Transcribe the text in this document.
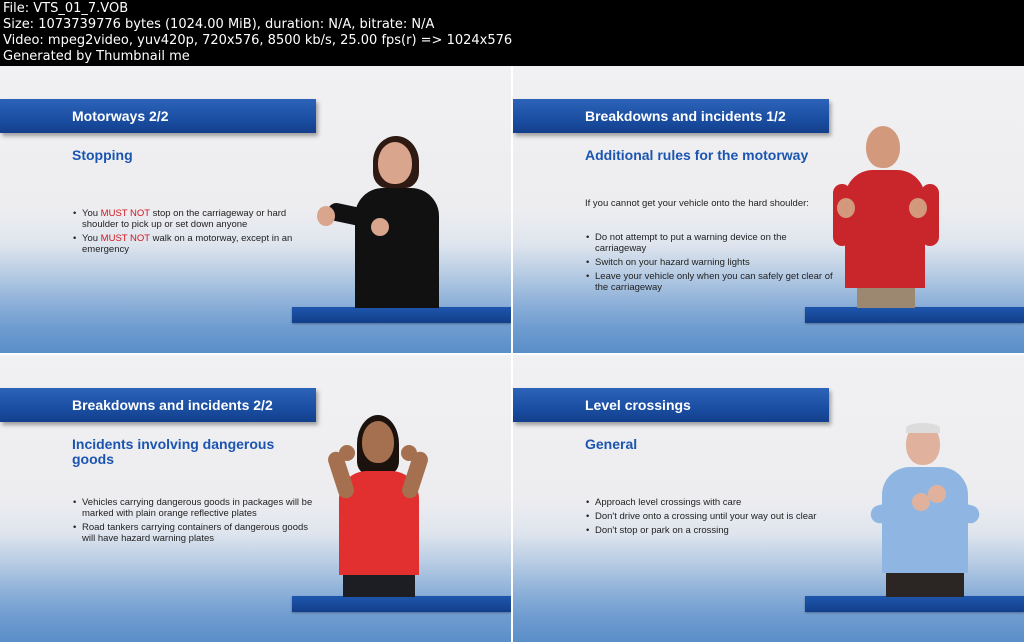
File: VTS_01_7.VOB
Size: 1073739776 bytes (1024.00 MiB), duration: N/A, bitrate: N/A
Video: mpeg2video, yuv420p, 720x576, 8500 kb/s, 25.00 fps(r) => 1024x576
Generated by Thumbnail me
Motorways 2/2
Stopping
• You MUST NOT stop on the carriageway or hard shoulder to pick up or set down anyone
• You MUST NOT walk on a motorway, except in an emergency
Breakdowns and incidents 1/2
Additional rules for the motorway
If you cannot get your vehicle onto the hard shoulder:
• Do not attempt to put a warning device on the carriageway
• Switch on your hazard warning lights
• Leave your vehicle only when you can safely get clear of the carriageway
Breakdowns and incidents 2/2
Incidents involving dangerous goods
• Vehicles carrying dangerous goods in packages will be marked with plain orange reflective plates
• Road tankers carrying containers of dangerous goods will have hazard warning plates
Level crossings
General
• Approach level crossings with care
• Don't drive onto a crossing until your way out is clear
• Don't stop or park on a crossing
